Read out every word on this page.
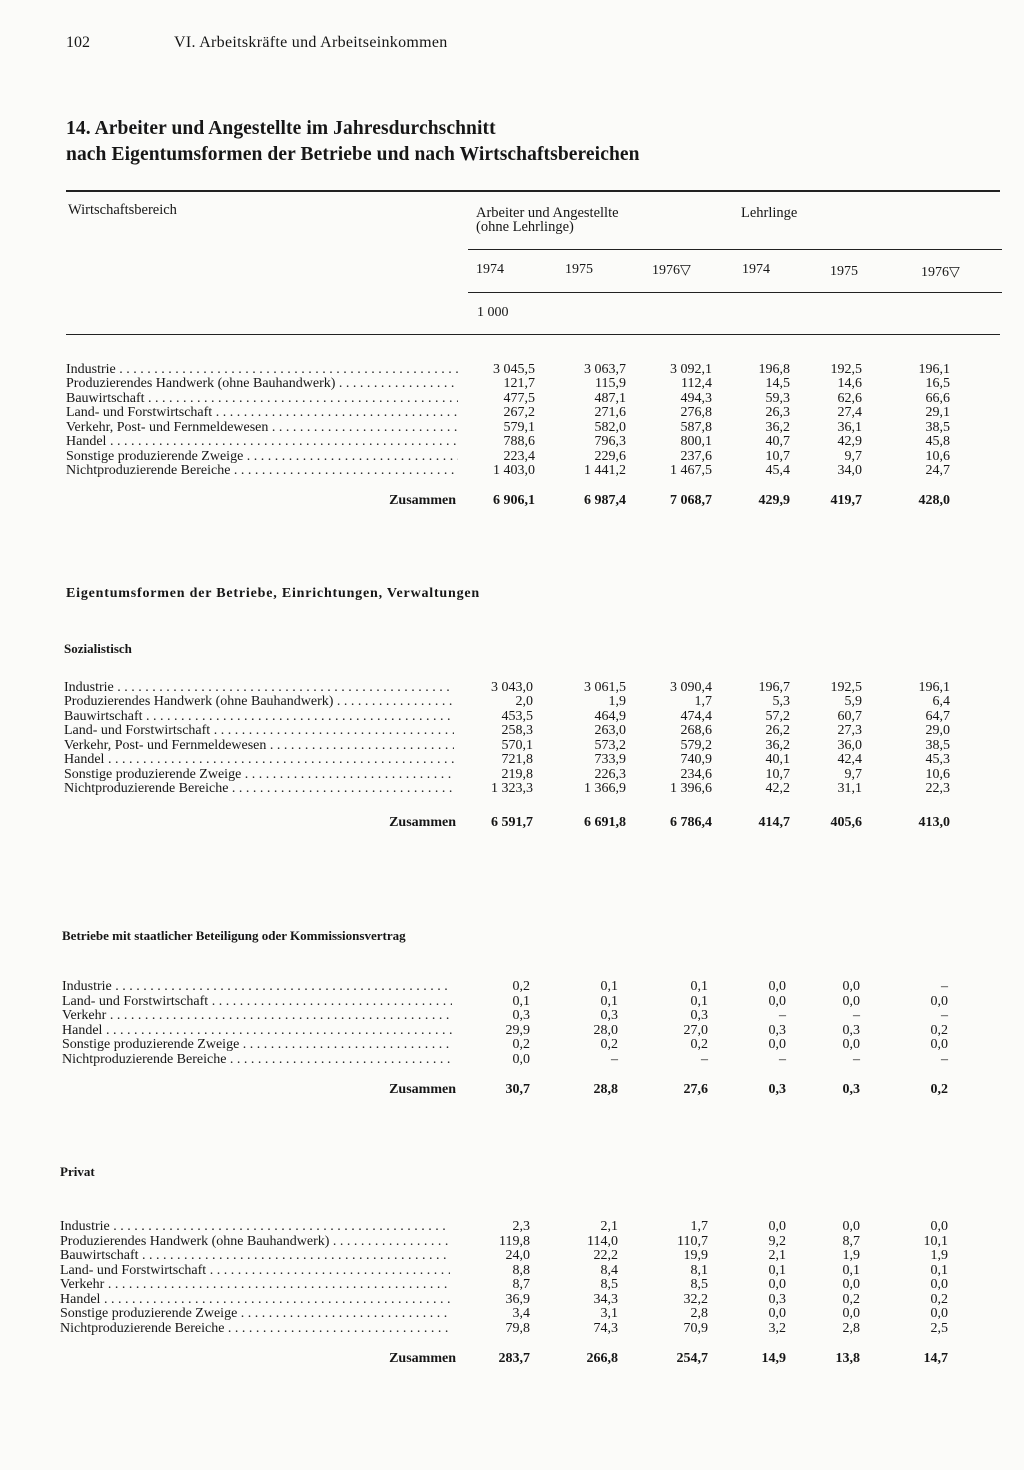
102	VI. Arbeitskräfte und Arbeitseinkommen
14. Arbeiter und Angestellte im Jahresdurchschnitt
nach Eigentumsformen der Betriebe und nach Wirtschaftsbereichen
Wirtschaftsbereich	Arbeiter und Angestellte
(ohne Lehrlinge)
Lehrlinge
1974	1975	1976▽	1974	1975	1976▽
1 000
Eigentumsformen der Betriebe, Einrichtungen, Verwaltungen
Sozialistisch
Betriebe mit staatlicher Beteiligung oder Kommissionsvertrag
Privat
Industrie . . .	3 045,5	3 063,7	3 092,1	196,8	192,5	196,1
Produzierendes Handwerk (ohne Bauhandwerk) . . .	121,7	115,9	112,4	14,5	14,6	16,5
Bauwirtschaft . . .	477,5	487,1	494,3	59,3	62,6	66,6
Land- und Forstwirtschaft . . .	267,2	271,6	276,8	26,3	27,4	29,1
Verkehr, Post- und Fernmeldewesen . . .	579,1	582,0	587,8	36,2	36,1	38,5
Handel . . .	788,6	796,3	800,1	40,7	42,9	45,8
Sonstige produzierende Zweige . . .	223,4	229,6	237,6	10,7	9,7	10,6
Nichtproduzierende Bereiche . . .	1 403,0	1 441,2	1 467,5	45,4	34,0	24,7
Zusammen	6 906,1	6 987,4	7 068,7	429,9	419,7	428,0
Industrie . . .	3 043,0	3 061,5	3 090,4	196,7	192,5	196,1
Produzierendes Handwerk (ohne Bauhandwerk) . . .	2,0	1,9	1,7	5,3	5,9	6,4
Bauwirtschaft . . .	453,5	464,9	474,4	57,2	60,7	64,7
Land- und Forstwirtschaft . . .	258,3	263,0	268,6	26,2	27,3	29,0
Verkehr, Post- und Fernmeldewesen . . .	570,1	573,2	579,2	36,2	36,0	38,5
Handel . . .	721,8	733,9	740,9	40,1	42,4	45,3
Sonstige produzierende Zweige . . .	219,8	226,3	234,6	10,7	9,7	10,6
Nichtproduzierende Bereiche . . .	1 323,3	1 366,9	1 396,6	42,2	31,1	22,3
Zusammen	6 591,7	6 691,8	6 786,4	414,7	405,6	413,0
Industrie . . .	0,2	0,1	0,1	0,0	0,0	–
Land- und Forstwirtschaft . . .	0,1	0,1	0,1	0,0	0,0	0,0
Verkehr . . .	0,3	0,3	0,3	–	–	–
Handel . . .	29,9	28,0	27,0	0,3	0,3	0,2
Sonstige produzierende Zweige . . .	0,2	0,2	0,2	0,0	0,0	0,0
Nichtproduzierende Bereiche . . .	0,0	–	–	–	–	–
Zusammen	30,7	28,8	27,6	0,3	0,3	0,2
Industrie . . .	2,3	2,1	1,7	0,0	0,0	0,0
Produzierendes Handwerk (ohne Bauhandwerk) . . .	119,8	114,0	110,7	9,2	8,7	10,1
Bauwirtschaft . . .	24,0	22,2	19,9	2,1	1,9	1,9
Land- und Forstwirtschaft . . .	8,8	8,4	8,1	0,1	0,1	0,1
Verkehr . . .	8,7	8,5	8,5	0,0	0,0	0,0
Handel . . .	36,9	34,3	32,2	0,3	0,2	0,2
Sonstige produzierende Zweige . . .	3,4	3,1	2,8	0,0	0,0	0,0
Nichtproduzierende Bereiche . . .	79,8	74,3	70,9	3,2	2,8	2,5
Zusammen	283,7	266,8	254,7	14,9	13,8	14,7
